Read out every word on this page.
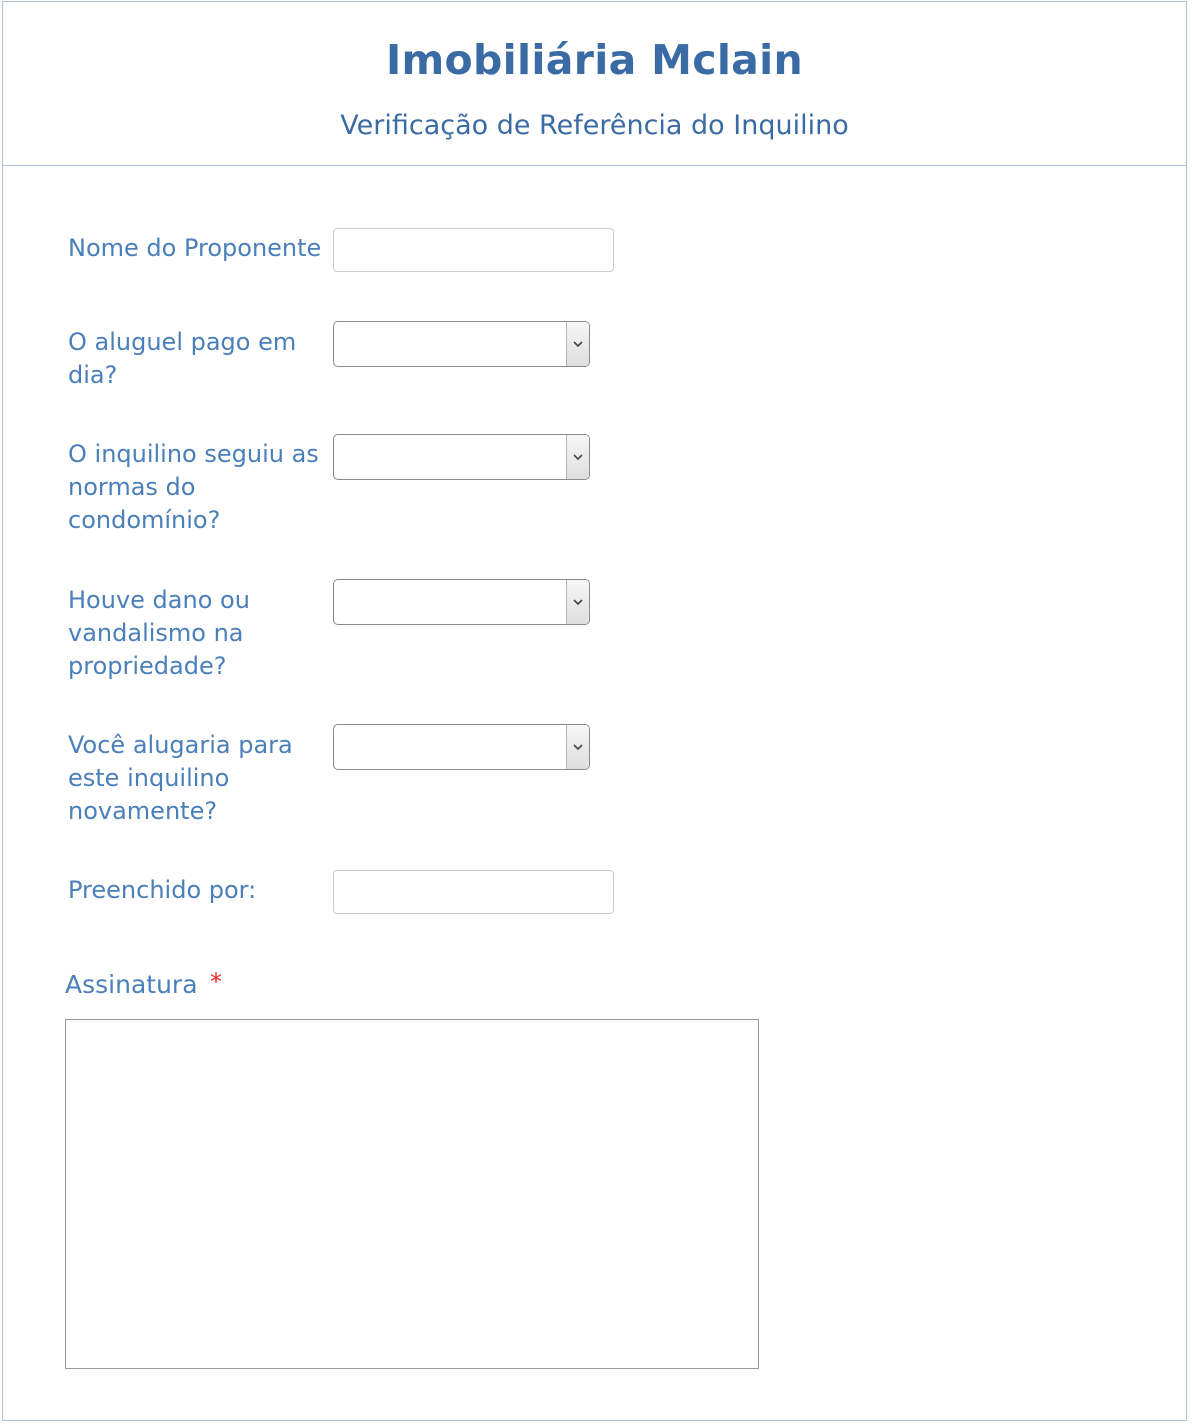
Imobiliária Mclain
Verificação de Referência do Inquilino
Nome do Proponente
O aluguel pago em dia?
O inquilino seguiu as normas do condomínio?
Houve dano ou vandalismo na propriedade?
Você alugaria para este inquilino novamente?
Preenchido por:
Assinatura *
